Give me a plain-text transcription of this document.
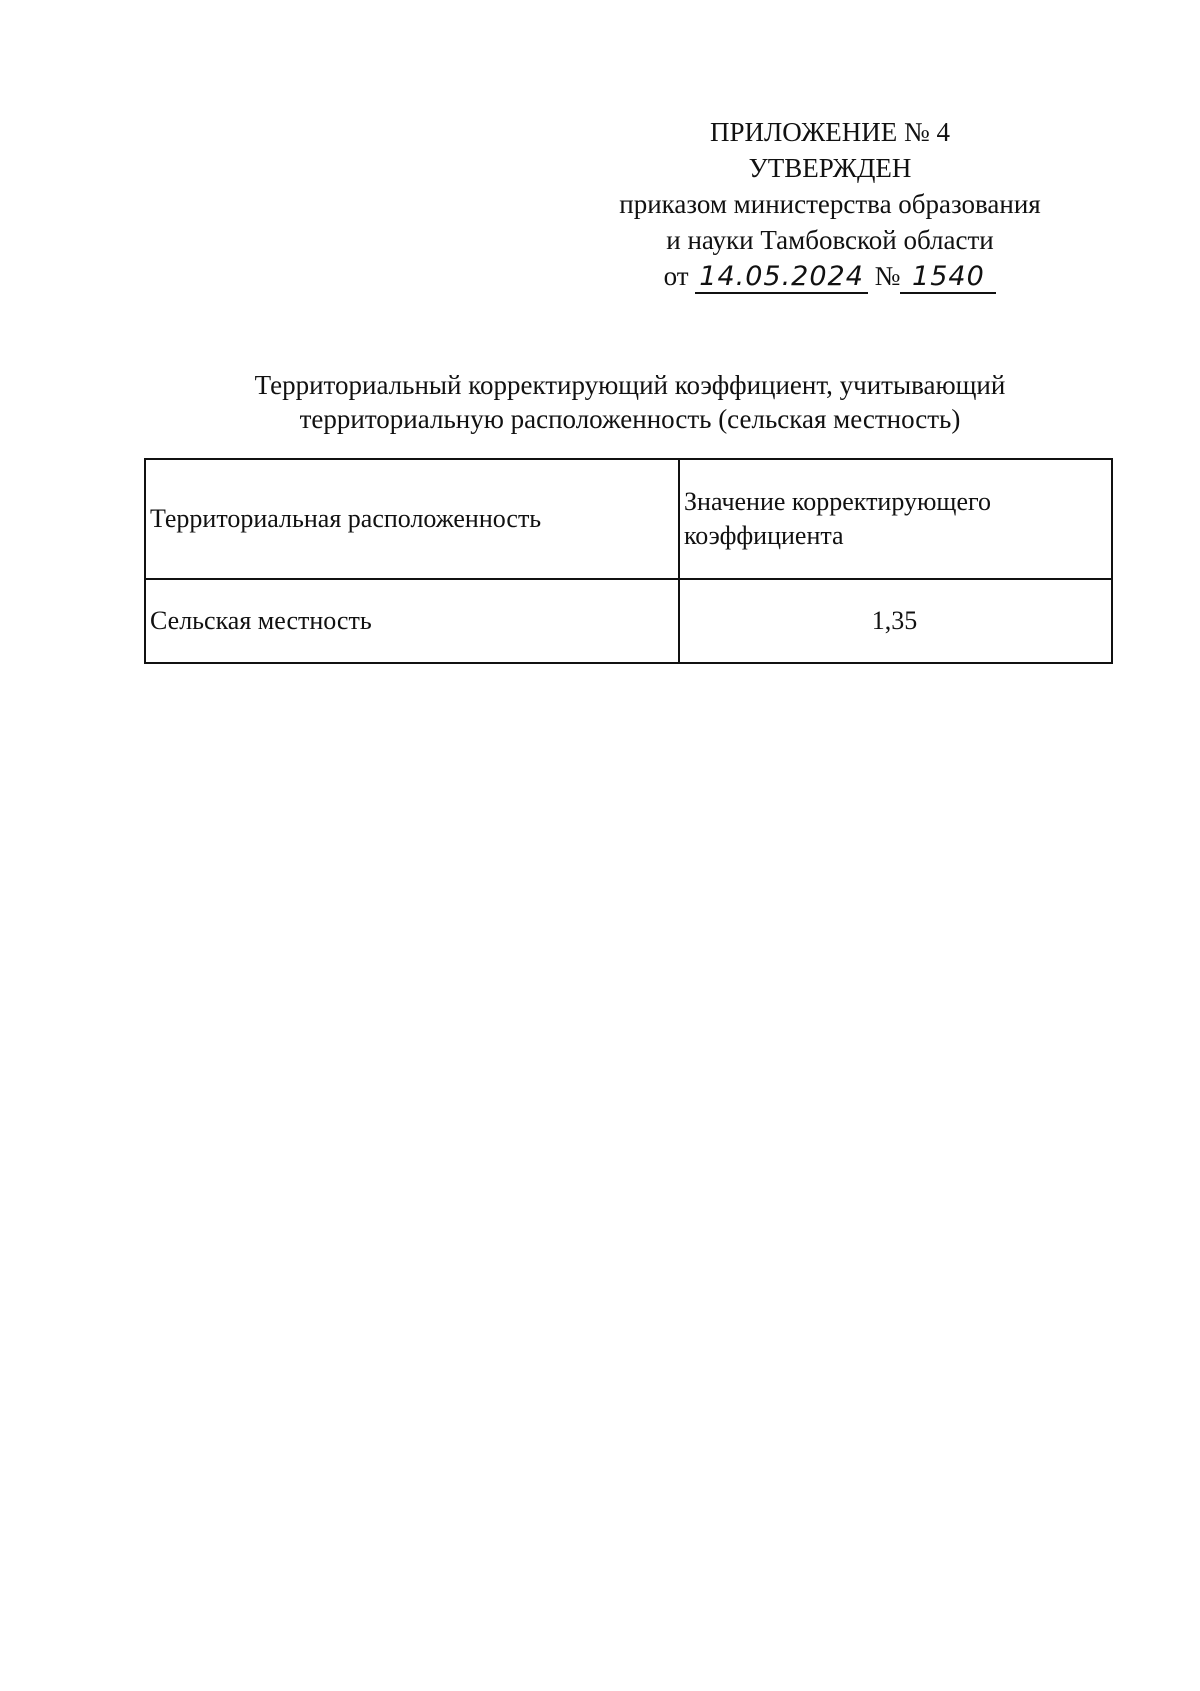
ПРИЛОЖЕНИЕ № 4
УТВЕРЖДЕН
приказом министерства образования
и науки Тамбовской области
от 14.05.2024 № 1540
Территориальный корректирующий коэффициент, учитывающий
территориальную расположенность (сельская местность)
Территориальная расположенность	Значение корректирующего коэффициента
Сельская местность	1,35
